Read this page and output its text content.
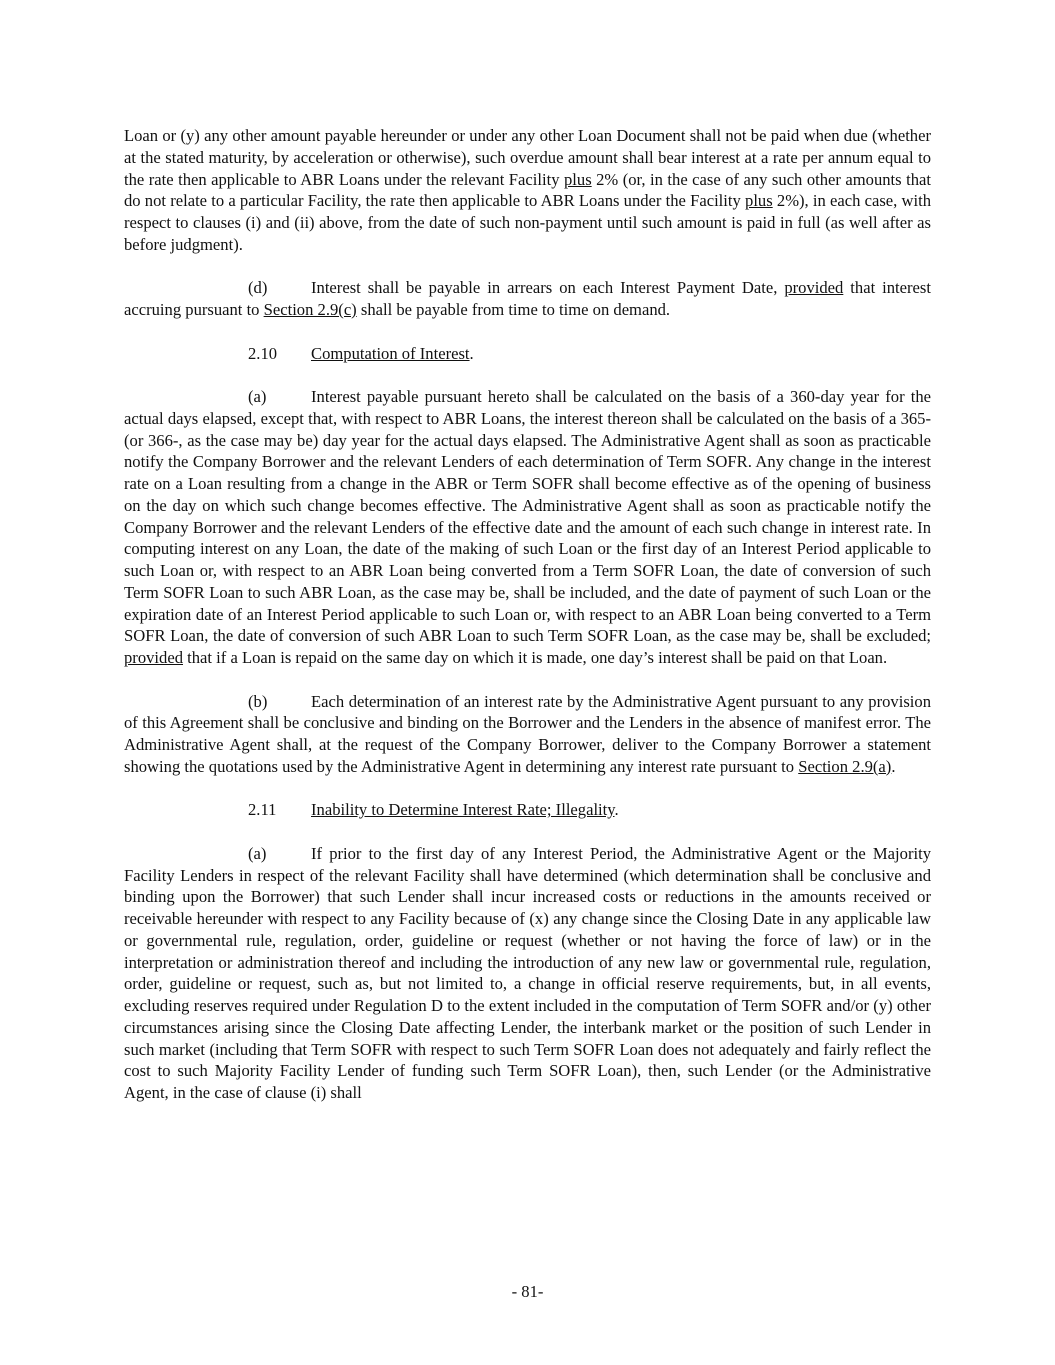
Loan or (y) any other amount payable hereunder or under any other Loan Document shall not be paid when due (whether at the stated maturity, by acceleration or otherwise), such overdue amount shall bear interest at a rate per annum equal to the rate then applicable to ABR Loans under the relevant Facility plus 2% (or, in the case of any such other amounts that do not relate to a particular Facility, the rate then applicable to ABR Loans under the Facility plus 2%), in each case, with respect to clauses (i) and (ii) above, from the date of such non-payment until such amount is paid in full (as well after as before judgment).

(d)	Interest shall be payable in arrears on each Interest Payment Date, provided that interest accruing pursuant to Section 2.9(c) shall be payable from time to time on demand.

2.10 Computation of Interest.

(a)	Interest payable pursuant hereto shall be calculated on the basis of a 360-day year for the actual days elapsed, except that, with respect to ABR Loans, the interest thereon shall be calculated on the basis of a 365- (or 366-, as the case may be) day year for the actual days elapsed. The Administrative Agent shall as soon as practicable notify the Company Borrower and the relevant Lenders of each determination of Term SOFR. Any change in the interest rate on a Loan resulting from a change in the ABR or Term SOFR shall become effective as of the opening of business on the day on which such change becomes effective. The Administrative Agent shall as soon as practicable notify the Company Borrower and the relevant Lenders of the effective date and the amount of each such change in interest rate. In computing interest on any Loan, the date of the making of such Loan or the first day of an Interest Period applicable to such Loan or, with respect to an ABR Loan being converted from a Term SOFR Loan, the date of conversion of such Term SOFR Loan to such ABR Loan, as the case may be, shall be included, and the date of payment of such Loan or the expiration date of an Interest Period applicable to such Loan or, with respect to an ABR Loan being converted to a Term SOFR Loan, the date of conversion of such ABR Loan to such Term SOFR Loan, as the case may be, shall be excluded; provided that if a Loan is repaid on the same day on which it is made, one day’s interest shall be paid on that Loan.

(b)	Each determination of an interest rate by the Administrative Agent pursuant to any provision of this Agreement shall be conclusive and binding on the Borrower and the Lenders in the absence of manifest error. The Administrative Agent shall, at the request of the Company Borrower, deliver to the Company Borrower a statement showing the quotations used by the Administrative Agent in determining any interest rate pursuant to Section 2.9(a).

2.11 Inability to Determine Interest Rate; Illegality.

(a)	If prior to the first day of any Interest Period, the Administrative Agent or the Majority Facility Lenders in respect of the relevant Facility shall have determined (which determination shall be conclusive and binding upon the Borrower) that such Lender shall incur increased costs or reductions in the amounts received or receivable hereunder with respect to any Facility because of (x) any change since the Closing Date in any applicable law or governmental rule, regulation, order, guideline or request (whether or not having the force of law) or in the interpretation or administration thereof and including the introduction of any new law or governmental rule, regulation, order, guideline or request, such as, but not limited to, a change in official reserve requirements, but, in all events, excluding reserves required under Regulation D to the extent included in the computation of Term SOFR and/or (y) other circumstances arising since the Closing Date affecting Lender, the interbank market or the position of such Lender in such market (including that Term SOFR with respect to such Term SOFR Loan does not adequately and fairly reflect the cost to such Majority Facility Lender of funding such Term SOFR Loan), then, such Lender (or the Administrative Agent, in the case of clause (i) shall

- 81-
